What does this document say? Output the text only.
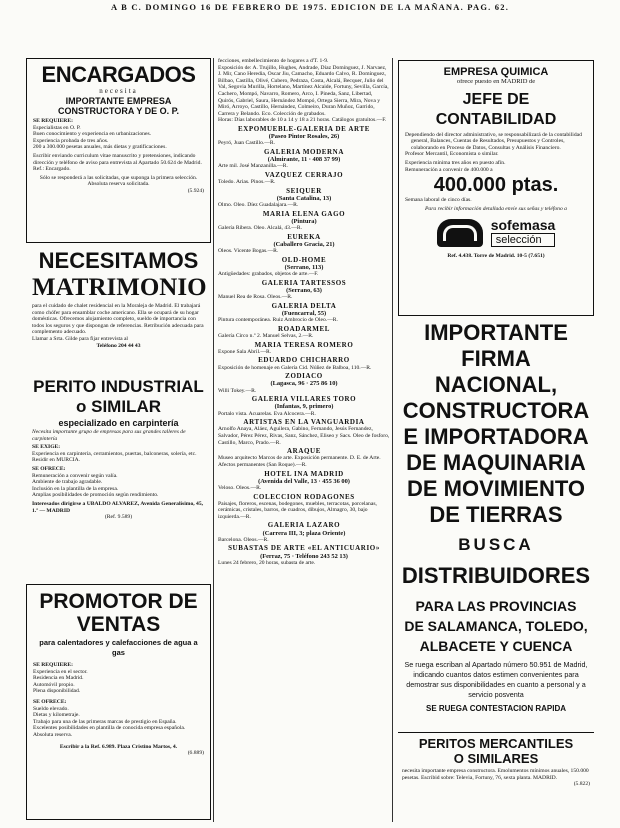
A B C. DOMINGO 16 DE FEBRERO DE 1975. EDICION DE LA MAÑANA. PAG. 62.
ENCARGADOS
necesita
IMPORTANTE EMPRESA CONSTRUCTORA Y DE O. P.
SE REQUIERE:
Especialistas en O. P.
Buen conocimiento y experiencia en urbanizaciones.
Experiencia probada de tres años.
200 a 300.000 pesetas anuales, más dietas y gratificaciones.
Escribir enviando curriculum vitae manuscrito y pretensiones, indicando dirección y teléfono de aviso para entrevista al Apartado 50.624 de Madrid. Ref.: Encargado.
Sólo se responderá a las solicitadas, que suponga la primera selección. Absoluta reserva solicitada.
(5.924)
NECESITAMOS
MATRIMONIO
para el cuidado de chalet residencial en la Moraleja de Madrid. Él trabajará como chófer para ensamblar coche americano. Ella se ocupará de su hogar domésticas. Ofrecemos alojamiento completo, sueldo de importancia con todos los seguros y que dispongan de referencias. Retribución adecuada para complemento adecuado.
Llamar a Srta. Gilde para fijar entrevista al
Teléfono 204 44 43
PERITO INDUSTRIAL
o SIMILAR
especializado en carpintería
Necesita importante grupo de empresas para sus grandes talleres de carpintería
SE EXIGE:
Experiencia en carpintería, cerramientos, puertas, balconeras, solería, etc.
Residir en MURCIA.
SE OFRECE:
Remuneración a convenir según valía.
Ambiente de trabajo agradable.
Inclusión en la plantilla de la empresa.
Amplias posibilidades de promoción según rendimiento.
Interesados dirigirse a UBALDO ALVAREZ, Avenida Generalísimo, 45, 1.º — MADRID
(Ref. 9.589)
PROMOTOR DE VENTAS
para calentadores y calefacciones de agua a gas
SE REQUIERE:
Experiencia en el sector.
Residencia en Madrid.
Automóvil propio.
Plena disponibilidad.
SE OFRECE:
Sueldo elevado.
Dietas y kilometraje.
Trabajo para una de las primeras marcas de prestigio en España.
Excelentes posibilidades en plantilla de conocida empresa española.
Absoluta reserva.
Escribir a la Ref. 6.989. Plaza Cristino Martos, 4.
(6.889)
fecciones, embellecimiento de hogares a d'T. 1-9.
Exposición de: A. Trujillo, Hughes, Andrade, Díaz Domínguez, J. Narvaez, J. Mir, Cano Heredia, Oscar Jiu, Camacho, Eduardo Calvo, R. Domínguez, Bilbao, Castilla, Olivé, Cubero, Pedraza, Costa, Alcalá, Becquer, Julio del Val, Segovia Murilla, Hortelano, Martínez Alcaide, Fortuny, Sevilla, García, Cachero, Mompó, Navarro, Romero, Arco, I. Pineda, Sanz, Libertad, Quirós, Gabriel, Saura, Hernández Mompó, Ortega Sierra, Mira, Nova y Miró, Arroyo, Castillo, Hernández, Colmeiro, Duran Muñoz, Garrido, Carrera y Belando. Eco. Colección de grabados.
Horas: Días laborables de 10 a 14 y 18 a 21 horas. Catálogos gratuitos.—F.
EXPOMUEBLE-GALERIA DE ARTE
(Paseo Pintor Rosales, 26)
Peyró, Juan Castillo.—R.
GALERIA MODERNA
(Almirante, 11 · 408 37 99)
Arte mil. José Manzanilla.—R.
VAZQUEZ CERRAJO
Toledo. Arias. Pinos.—R.
SEIQUER
(Santa Catalina, 13)
Olmo. Oleo. Díez Guadalajara.—R.
MARIA ELENA GAGO
(Pintura)
Galería Ribera. Oleo. Alcalá, 43.—R.
EUREKA
(Caballero Gracia, 21)
Oleos. Vicente Bogas.—R.
OLD-HOME
(Serrano, 113)
Antigüedades: grabados, objetos de arte.—F.
GALERIA TARTESSOS
(Serrano, 63)
Manuel Rea de Rosa. Oleos.—R.
GALERIA DELTA
(Fuencarral, 55)
Pintura contemporánea. Ruiz Ambrocio de Oleo.—R.
ROADARMEL
Galería Circo n.º 2. Manuel Selvas, 2.—R.
MARIA TERESA ROMERO
Expone Sala Abril.—R.
EDUARDO CHICHARRO
Exposición de homenaje en Galería Cid. Núñez de Balboa, 110.—R.
ZODIACO
(Lagasca, 96 · 275 86 10)
Willi Tokey.—R.
GALERIA VILLARES TORO
(Infantas, 9, primero)
Portalo vista. Acuarelas. Eva Alcocera.—R.
ARTISTAS EN LA VANGUARDIA
Arnolfo Anaya, Aláez, Aguilera, Gabino, Fernando, Jesús Fernandez, Salvador, Pérez Pérez, Rivas, Sanz, Sánchez, Eliseo y Sacs. Oleo de fosforo, Castillo, Marco, Prado.—R.
ARAQUE
Museo arquitecto Marcos de arte. Exposición permanente. D. E. de Arte. Afectos permanentes (San Roque).—R.
HOTEL INA MADRID
(Avenida del Valle, 13 · 455 36 00)
Veloso. Oleos.—R.
COLECCION RODAGONES
Paisajes, floreros, escenas, bodegones, muebles, terracotas, porcelanas, cerámicas, cristales, barros, de cuadros, dibujos, Almagro, 30, bajo izquierda.—R.
GALERIA LAZARO
(Carrera III, 3; plaza Oriente)
Barcelona. Oleos.—R.
SUBASTAS DE ARTE «EL ANTICUARIO»
(Ferraz, 75 · Teléfono 243 52 13)
Lunes 24 febrero, 20 horas, subasta de arte.
EMPRESA QUIMICA
ofrece puesto en MADRID de
JEFE DE CONTABILIDAD
Dependiendo del director administrativo, se responsabilizará de la contabilidad general, Balances, Cuentas de Resultados, Presupuestos y Controles, colaborando en Proceso de Datos, Consultas y Análisis Financiero.
Profesor Mercantil, Economista o similar.
Experiencia mínima tres años en puesto afín.
Remuneración a convenir de 400.000 a
400.000 ptas.
Semana laboral de cinco días.
Para recibir información detallada envíe sus señas y teléfono a
sofemasa
selección
Ref. 4.438. Torre de Madrid. 10-5 (7.651)
IMPORTANTE
FIRMA NACIONAL,
CONSTRUCTORA
E IMPORTADORA
DE MAQUINARIA
DE MOVIMIENTO
DE TIERRAS
BUSCA
DISTRIBUIDORES
PARA LAS PROVINCIAS
DE SALAMANCA, TOLEDO,
ALBACETE Y CUENCA
Se ruega escriban al Apartado número 50.951 de Madrid, indicando cuantos datos estimen convenientes para demostrar sus disponibilidades en cuanto a personal y a servicio posventa
SE RUEGA CONTESTACION RAPIDA
PERITOS MERCANTILES
O SIMILARES
necesita importante empresa constructora. Emolumentos mínimos anuales, 150.000 pesetas. Escribid sobre: Televia, Fortuny, 76, sexta planta. MADRID.
(5.822)
